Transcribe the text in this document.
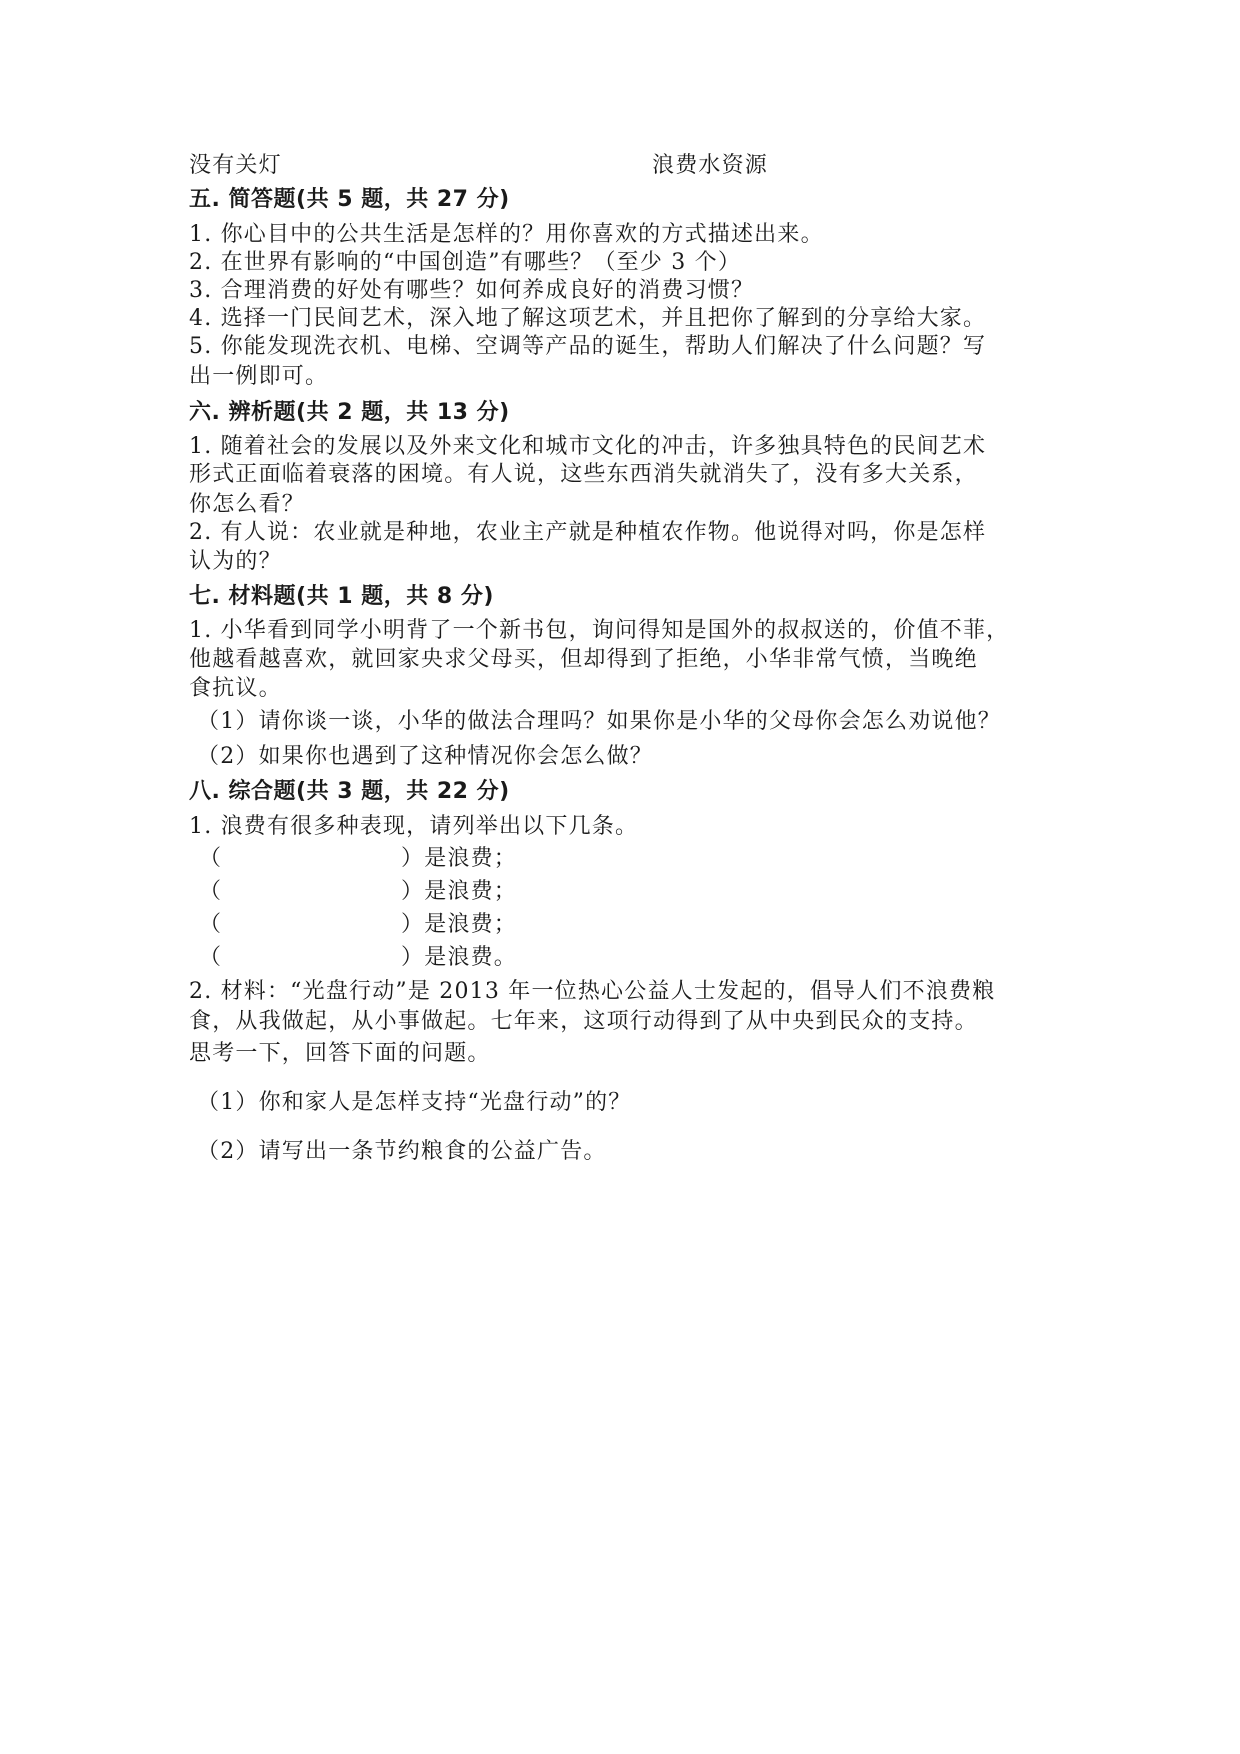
没有关灯	浪费水资源
五. 简答题(共 5 题，共 27 分)
1. 你心目中的公共生活是怎样的？用你喜欢的方式描述出来。
2. 在世界有影响的“中国创造”有哪些？（至少 3 个）
3. 合理消费的好处有哪些？如何养成良好的消费习惯？
4. 选择一门民间艺术，深入地了解这项艺术，并且把你了解到的分享给大家。
5. 你能发现洗衣机、电梯、空调等产品的诞生，帮助人们解决了什么问题？写
出一例即可。
六. 辨析题(共 2 题，共 13 分)
1. 随着社会的发展以及外来文化和城市文化的冲击，许多独具特色的民间艺术
形式正面临着衰落的困境。有人说，这些东西消失就消失了，没有多大关系，
你怎么看？
2. 有人说：农业就是种地，农业主产就是种植农作物。他说得对吗，你是怎样
认为的？
七. 材料题(共 1 题，共 8 分)
1. 小华看到同学小明背了一个新书包，询问得知是国外的叔叔送的，价值不菲，
他越看越喜欢，就回家央求父母买，但却得到了拒绝，小华非常气愤，当晚绝
食抗议。
（1）请你谈一谈，小华的做法合理吗？如果你是小华的父母你会怎么劝说他？
（2）如果你也遇到了这种情况你会怎么做？
八. 综合题(共 3 题，共 22 分)
1. 浪费有很多种表现，请列举出以下几条。
（	）是浪费；
（	）是浪费；
（	）是浪费；
（	）是浪费。
2. 材料：“光盘行动”是 2013 年一位热心公益人士发起的，倡导人们不浪费粮
食，从我做起，从小事做起。七年来，这项行动得到了从中央到民众的支持。
思考一下，回答下面的问题。
（1）你和家人是怎样支持“光盘行动”的？
（2）请写出一条节约粮食的公益广告。
